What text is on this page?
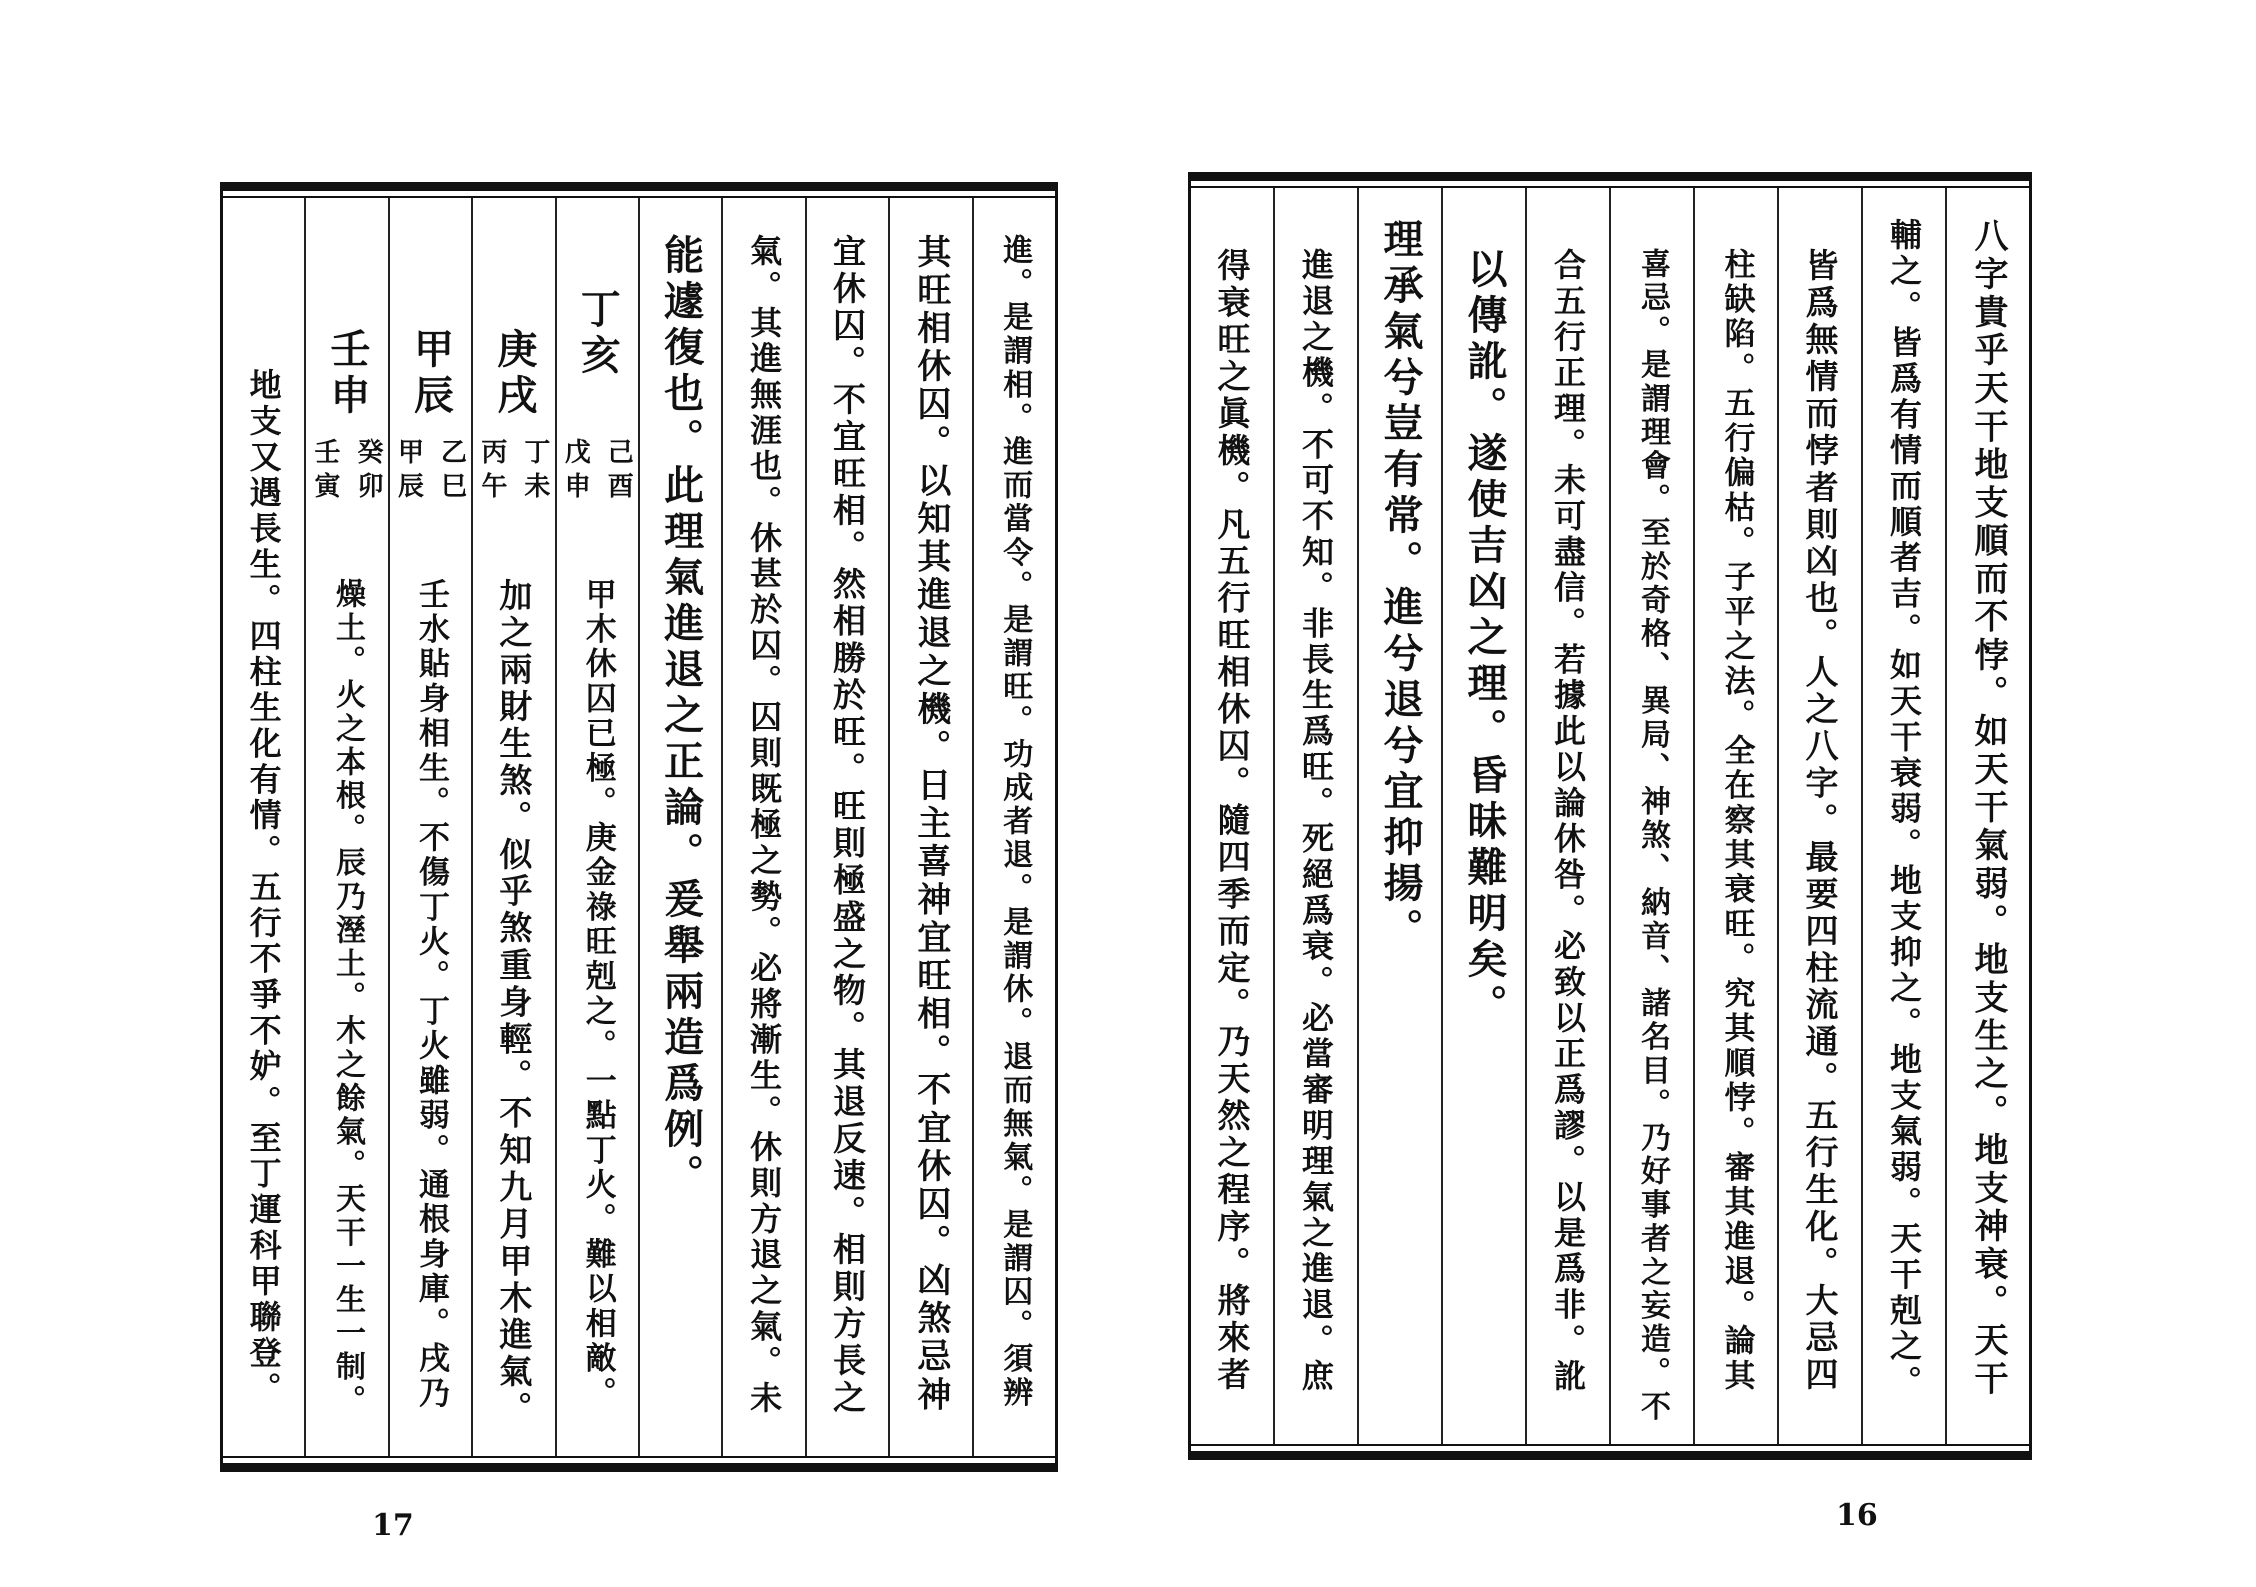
八字貴乎天干地支順而不悖。如天干氣弱。地支生之。地支神衰。天干
輔之。皆爲有情而順者吉。如天干衰弱。地支抑之。地支氣弱。天干剋之。
皆爲無情而悖者則凶也。人之八字。最要四柱流通。五行生化。大忌四
柱缺陷。五行偏枯。子平之法。全在察其衰旺。究其順悖。審其進退。論其
喜忌。是謂理會。至於奇格、異局、神煞、納音、諸名目。乃好事者之妄造。不
合五行正理。未可盡信。若據此以論休咎。必致以正爲謬。以是爲非。訛
以傳訛。遂使吉凶之理。昏昧難明矣。
理承氣兮豈有常。進兮退兮宜抑揚。
進退之機。不可不知。非長生爲旺。死絕爲衰。必當審明理氣之進退。庶
得衰旺之眞機。凡五行旺相休囚。隨四季而定。乃天然之程序。將來者
16
進。是謂相。進而當令。是謂旺。功成者退。是謂休。退而無氣。是謂囚。須辨
其旺相休囚。以知其進退之機。日主喜神宜旺相。不宜休囚。凶煞忌神
宜休囚。不宜旺相。然相勝於旺。旺則極盛之物。其退反速。相則方長之
氣。其進無涯也。休甚於囚。囚則既極之勢。必將漸生。休則方退之氣。未
能遽復也。此理氣進退之正論。爰舉兩造爲例。
丁亥
己酉
戊申
甲木休囚已極。庚金祿旺剋之。一點丁火。難以相敵。
庚戌
丁未
丙午
加之兩財生煞。似乎煞重身輕。不知九月甲木進氣。
甲辰
乙巳
甲辰
壬水貼身相生。不傷丁火。丁火雖弱。通根身庫。戌乃
壬申
癸卯
壬寅
燥土。火之本根。辰乃溼土。木之餘氣。天干一生一制。
地支又遇長生。四柱生化有情。五行不爭不妒。至丁運科甲聯登。
17
